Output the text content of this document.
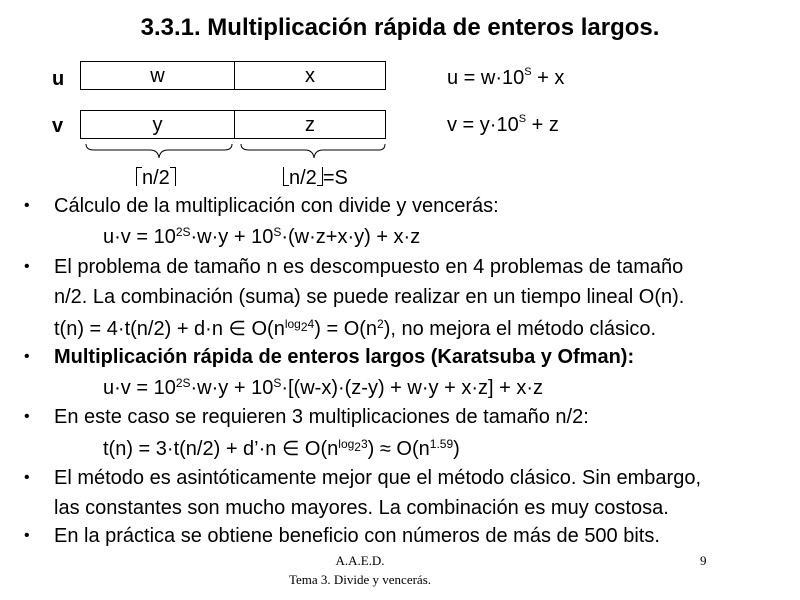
3.3.1. Multiplicación rápida de enteros largos.
u	w	x	$u = w\cdot 10^S + x$
v	y	z	$v = y\cdot 10^S + z$
n/2	n/2 =S
• Cálculo de la multiplicación con divide y vencerás:
$u\cdot v = 10^{2S}\cdot w\cdot y + 10^S\cdot(w\cdot z+x\cdot y) + x\cdot z$
• El problema de tamaño n es descompuesto en 4 problemas de tamaño
n/2. La combinación (suma) se puede realizar en un tiempo lineal O(n).
t(n) = 4·t(n/2) + d·n ∈ $O(n^{log_24}) = O(n^2)$, no mejora el método clásico.
• Multiplicación rápida de enteros largos (Karatsuba y Ofman):
$u\cdot v = 10^{2S}\cdot w\cdot y + 10^S\cdot[(w-x)\cdot(z-y) + w\cdot y + x\cdot z] + x\cdot z$
• En este caso se requieren 3 multiplicaciones de tamaño n/2:
t(n) = 3·t(n/2) + d’·n ∈ $O(n^{log_23}) \approx O(n^{1.59})$
• El método es asintóticamente mejor que el método clásico. Sin embargo,
las constantes son mucho mayores. La combinación es muy costosa.
• En la práctica se obtiene beneficio con números de más de 500 bits.
A.A.E.D.
Tema 3. Divide y vencerás.
9
